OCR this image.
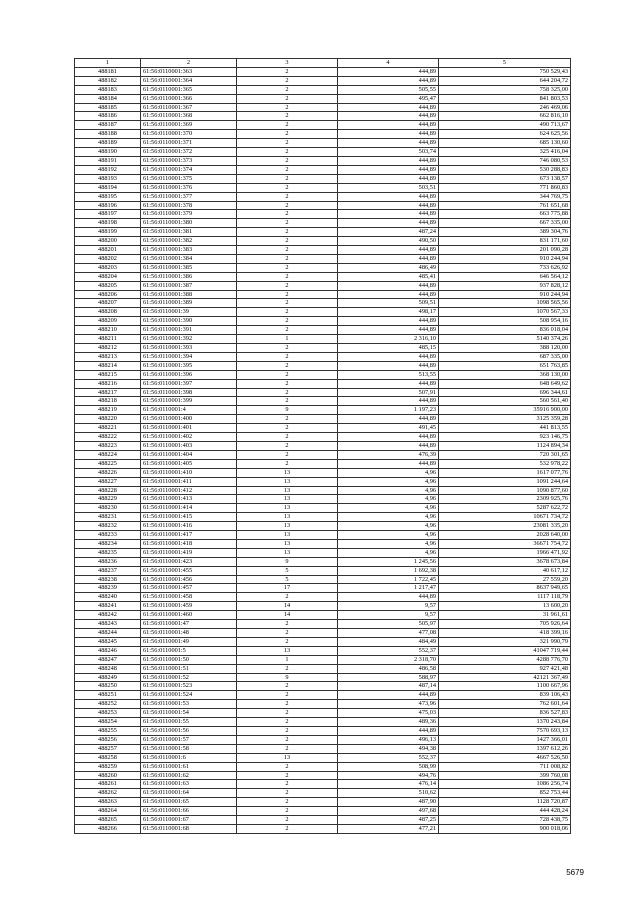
1	2	3	4	5
488181	61:56:0110001:363	2	444,89	750 529,43
488182	61:56:0110001:364	2	444,89	644 204,72
488183	61:56:0110001:365	2	505,55	758 325,00
488184	61:56:0110001:366	2	495,47	841 803,53
488185	61:56:0110001:367	2	444,89	246 469,06
488186	61:56:0110001:368	2	444,89	662 816,10
488187	61:56:0110001:369	2	444,89	490 713,67
488188	61:56:0110001:370	2	444,89	624 625,56
488189	61:56:0110001:371	2	444,89	685 130,60
488190	61:56:0110001:372	2	503,74	325 416,04
488191	61:56:0110001:373	2	444,89	746 080,53
488192	61:56:0110001:374	2	444,89	530 288,83
488193	61:56:0110001:375	2	444,89	673 138,57
488194	61:56:0110001:376	2	503,51	771 860,83
488195	61:56:0110001:377	2	444,89	344 769,75
488196	61:56:0110001:378	2	444,89	761 651,68
488197	61:56:0110001:379	2	444,89	663 775,88
488198	61:56:0110001:380	2	444,89	667 335,00
488199	61:56:0110001:381	2	487,24	389 304,76
488200	61:56:0110001:382	2	490,50	831 171,60
488201	61:56:0110001:383	2	444,89	201 090,28
488202	61:56:0110001:384	2	444,89	910 244,94
488203	61:56:0110001:385	2	486,49	733 626,92
488204	61:56:0110001:386	2	485,41	646 564,12
488205	61:56:0110001:387	2	444,89	937 828,12
488206	61:56:0110001:388	2	444,89	910 244,94
488207	61:56:0110001:389	2	509,51	1098 565,56
488208	61:56:0110001:39	2	498,17	1070 567,33
488209	61:56:0110001:390	2	444,89	508 954,16
488210	61:56:0110001:391	2	444,89	836 018,04
488211	61:56:0110001:392	1	2 316,10	5140 374,26
488212	61:56:0110001:393	2	485,15	388 120,00
488213	61:56:0110001:394	2	444,89	687 335,00
488214	61:56:0110001:395	2	444,89	651 763,85
488215	61:56:0110001:396	2	513,55	368 130,00
488216	61:56:0110001:397	2	444,89	648 649,62
488217	61:56:0110001:398	2	507,91	696 344,61
488218	61:56:0110001:399	2	444,89	560 561,40
488219	61:56:0110001:4	9	1 197,23	35916 900,00
488220	61:56:0110001:400	2	444,89	3125 359,28
488221	61:56:0110001:401	2	491,45	441 813,55
488222	61:56:0110001:402	2	444,89	923 146,75
488223	61:56:0110001:403	2	444,89	1124 894,34
488224	61:56:0110001:404	2	476,39	720 301,65
488225	61:56:0110001:405	2	444,89	532 978,22
488226	61:56:0110001:410	13	4,96	1617 077,76
488227	61:56:0110001:411	13	4,96	1091 244,64
488228	61:56:0110001:412	13	4,96	1090 877,60
488229	61:56:0110001:413	13	4,96	2309 925,76
488230	61:56:0110001:414	13	4,96	5287 622,72
488231	61:56:0110001:415	13	4,96	10671 734,72
488232	61:56:0110001:416	13	4,96	23081 335,20
488233	61:56:0110001:417	13	4,96	2028 640,00
488234	61:56:0110001:418	13	4,96	36671 754,72
488235	61:56:0110001:419	13	4,96	1966 471,92
488236	61:56:0110001:423	9	1 245,56	3678 673,84
488237	61:56:0110001:455	5	1 692,38	40 617,12
488238	61:56:0110001:456	5	1 722,45	27 559,20
488239	61:56:0110001:457	17	1 217,47	8637 949,65
488240	61:56:0110001:458	2	444,89	1117 118,79
488241	61:56:0110001:459	14	9,57	13 600,20
488242	61:56:0110001:460	14	9,57	31 961,61
488243	61:56:0110001:47	2	505,97	705 926,64
488244	61:56:0110001:48	2	477,08	418 399,16
488245	61:56:0110001:49	2	484,49	321 990,79
488246	61:56:0110001:5	13	552,37	41047 719,44
488247	61:56:0110001:50	1	2 318,70	4288 776,70
488248	61:56:0110001:51	2	486,58	927 421,48
488249	61:56:0110001:52	9	588,97	42121 367,49
488250	61:56:0110001:523	2	487,14	1100 667,96
488251	61:56:0110001:524	2	444,89	839 106,43
488252	61:56:0110001:53	2	473,96	762 601,64
488253	61:56:0110001:54	2	475,03	836 527,83
488254	61:56:0110001:55	2	489,36	1370 243,84
488255	61:56:0110001:56	2	444,89	7570 693,13
488256	61:56:0110001:57	2	496,13	1427 366,01
488257	61:56:0110001:58	2	494,38	1397 612,26
488258	61:56:0110001:6	13	552,37	4667 526,50
488259	61:56:0110001:61	2	508,99	711 008,82
488260	61:56:0110001:62	2	494,76	399 760,08
488261	61:56:0110001:63	2	476,14	1086 256,74
488262	61:56:0110001:64	2	510,62	852 753,44
488263	61:56:0110001:65	2	487,90	1128 720,87
488264	61:56:0110001:66	2	497,68	444 428,24
488265	61:56:0110001:67	2	487,25	728 438,75
488266	61:56:0110001:68	2	477,21	900 018,06
5679
